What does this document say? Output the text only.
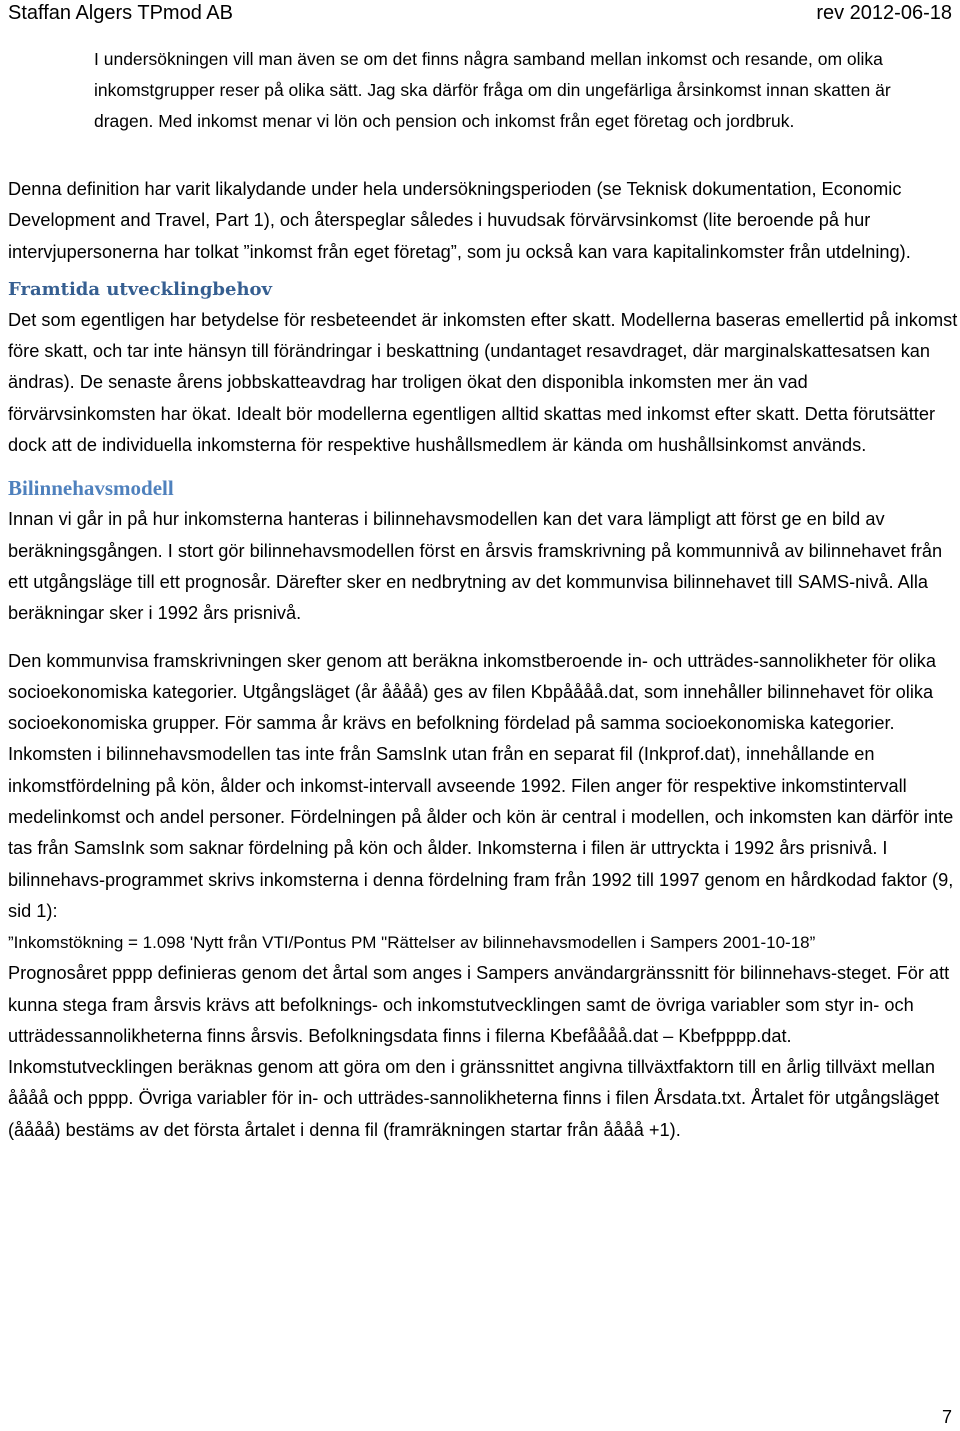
Staffan Algers TPmod AB	rev 2012-06-18

I undersökningen vill man även se om det finns några samband mellan inkomst och resande, om olika inkomstgrupper reser på olika sätt. Jag ska därför fråga om din ungefärliga årsinkomst innan skatten är dragen. Med inkomst menar vi lön och pension och inkomst från eget företag och jordbruk.

Denna definition har varit likalydande under hela undersökningsperioden (se Teknisk dokumentation, Economic Development and Travel, Part 1), och återspeglar således i huvudsak förvärvsinkomst (lite beroende på hur intervjupersonerna har tolkat ”inkomst från eget företag”, som ju också kan vara kapitalinkomster från utdelning).

Framtida utvecklingbehov

Det som egentligen har betydelse för resbeteendet är inkomsten efter skatt. Modellerna baseras emellertid på inkomst före skatt, och tar inte hänsyn till förändringar i beskattning (undantaget resavdraget, där marginalskattesatsen kan ändras). De senaste årens jobbskatteavdrag har troligen ökat den disponibla inkomsten mer än vad förvärvsinkomsten har ökat. Idealt bör modellerna egentligen alltid skattas med inkomst efter skatt. Detta förutsätter dock att de individuella inkomsterna för respektive hushållsmedlem är kända om hushållsinkomst används.

Bilinnehavsmodell

Innan vi går in på hur inkomsterna hanteras i bilinnehavsmodellen kan det vara lämpligt att först ge en bild av beräkningsgången. I stort gör bilinnehavsmodellen först en årsvis framskrivning på kommunnivå av bilinnehavet från ett utgångsläge till ett prognosår. Därefter sker en nedbrytning av det kommunvisa bilinnehavet till SAMS-nivå. Alla beräkningar sker i 1992 års prisnivå.

Den kommunvisa framskrivningen sker genom att beräkna inkomstberoende in- och utträdes-sannolikheter för olika socioekonomiska kategorier. Utgångsläget (år åååå) ges av filen Kbpåååå.dat, som innehåller bilinnehavet för olika socioekonomiska grupper. För samma år krävs en befolkning fördelad på samma socioekonomiska kategorier. Inkomsten i bilinnehavsmodellen tas inte från SamsInk utan från en separat fil (Inkprof.dat), innehållande en inkomstfördelning på kön, ålder och inkomst-intervall avseende 1992. Filen anger för respektive inkomstintervall medelinkomst och andel personer. Fördelningen på ålder och kön är central i modellen, och inkomsten kan därför inte tas från SamsInk som saknar fördelning på kön och ålder. Inkomsterna i filen är uttryckta i 1992 års prisnivå. I bilinnehavs-programmet skrivs inkomsterna i denna fördelning fram från 1992 till 1997 genom en hårdkodad faktor (9, sid 1):

”Inkomstökning = 1.098 'Nytt från VTI/Pontus PM "Rättelser av bilinnehavsmodellen i Sampers 2001-10-18”

Prognosåret pppp definieras genom det årtal som anges i Sampers användargränssnitt för bilinnehavs-steget. För att kunna stega fram årsvis krävs att befolknings- och inkomstutvecklingen samt de övriga variabler som styr in- och utträdessannolikheterna finns årsvis. Befolkningsdata finns i filerna Kbefåååå.dat – Kbefpppp.dat. Inkomstutvecklingen beräknas genom att göra om den i gränssnittet angivna tillväxtfaktorn till en årlig tillväxt mellan åååå och pppp. Övriga variabler för in- och utträdes-sannolikheterna finns i filen Årsdata.txt. Årtalet för utgångsläget (åååå) bestäms av det första årtalet i denna fil (framräkningen startar från åååå +1).

7
